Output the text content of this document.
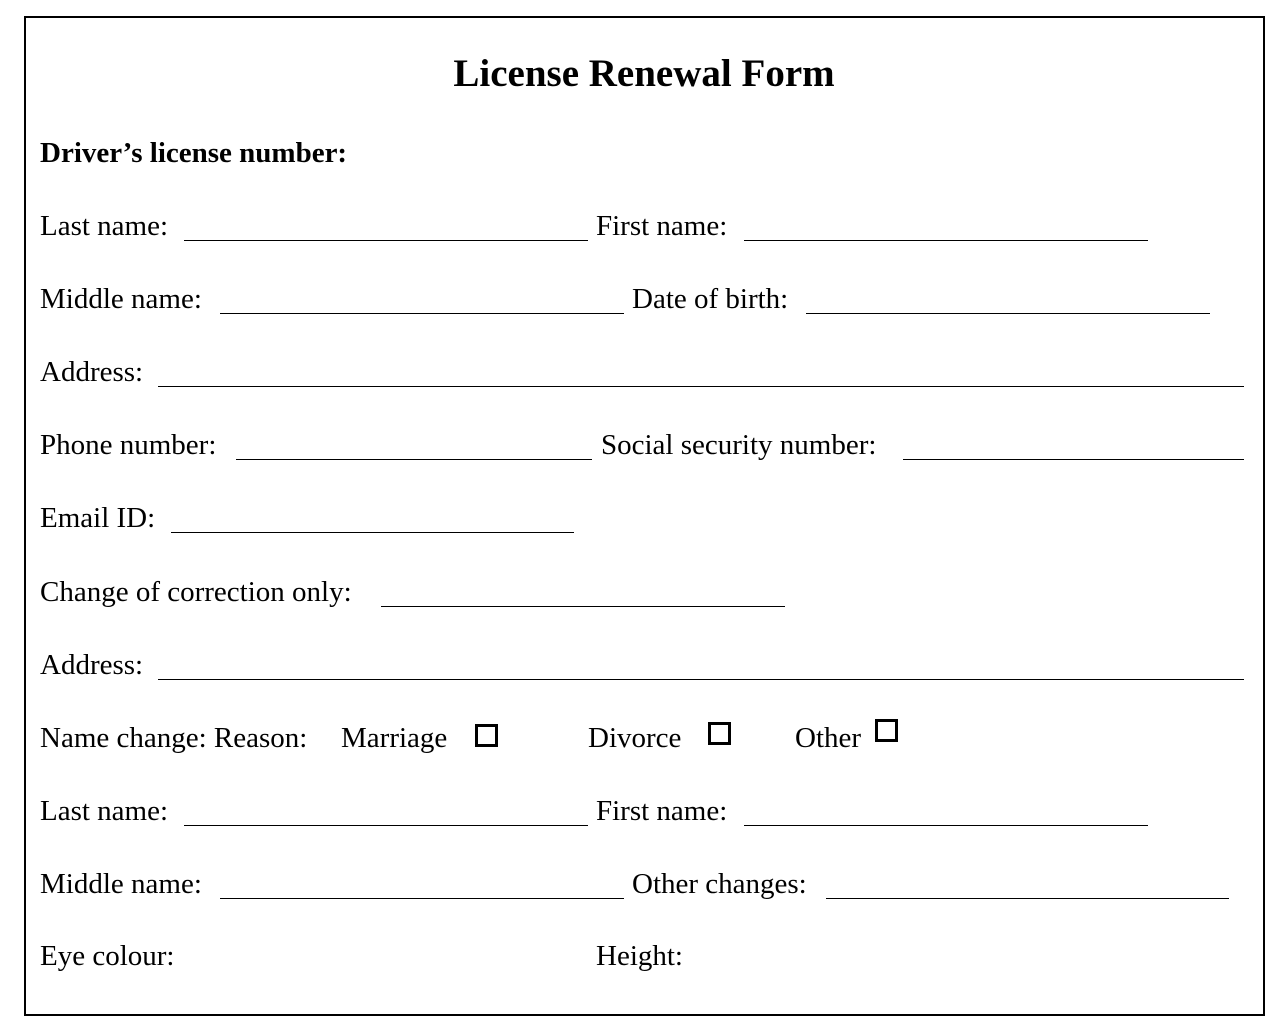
License Renewal Form
Driver’s license number:
Last name:	First name:
Middle name:	Date of birth:
Address:
Phone number:	Social security number:
Email ID:
Change of correction only:
Address:
Name change: Reason: Marriage	Divorce	Other
Last name:	First name:
Middle name:	Other changes:
Eye colour:	Height:
